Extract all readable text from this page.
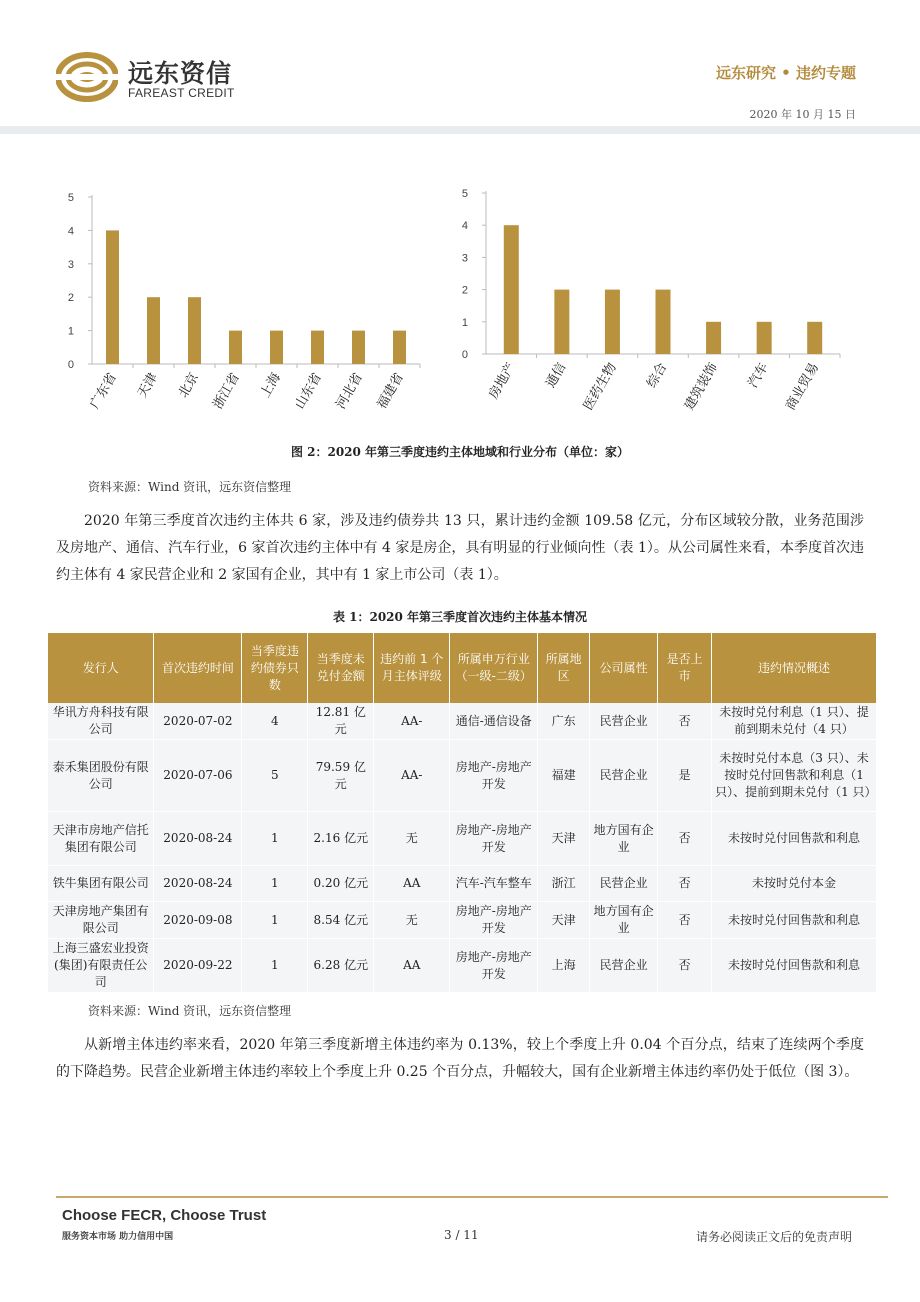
远东资信
FAREAST CREDIT
远东研究 • 违约专题
2020 年 10 月 15 日
0
1
2
3
4
5
广东省 天津 北京 浙江省 上海 山东省 河北省 福建省
0
1
2
3
4
5
房地产 通信 医药生物 综合 建筑装饰 汽车 商业贸易
图 2：2020 年第三季度违约主体地域和行业分布（单位：家）
资料来源：Wind 资讯，远东资信整理
2020 年第三季度首次违约主体共 6 家，涉及违约债券共 13 只，累计违约金额 109.58 亿元，分布区域较分散，业务范围涉及房地产、通信、汽车行业，6 家首次违约主体中有 4 家是房企，具有明显的行业倾向性（表 1）。从公司属性来看，本季度首次违约主体有 4 家民营企业和 2 家国有企业，其中有 1 家上市公司（表 1）。
表 1：2020 年第三季度首次违约主体基本情况
发行人	首次违约时间	当季度违约债券只数	当季度未兑付金额	违约前 1 个月主体评级	所属申万行业（一级-二级）	所属地区	公司属性	是否上市	违约情况概述
华讯方舟科技有限公司	2020-07-02	4	12.81 亿元	AA-	通信-通信设备	广东	民营企业	否	未按时兑付利息（1 只）、提前到期未兑付（4 只）
泰禾集团股份有限公司	2020-07-06	5	79.59 亿元	AA-	房地产-房地产开发	福建	民营企业	是	未按时兑付本息（3 只）、未按时兑付回售款和利息（1 只）、提前到期未兑付（1 只）
天津市房地产信托集团有限公司	2020-08-24	1	2.16 亿元	无	房地产-房地产开发	天津	地方国有企业	否	未按时兑付回售款和利息
铁牛集团有限公司	2020-08-24	1	0.20 亿元	AA	汽车-汽车整车	浙江	民营企业	否	未按时兑付本金
天津房地产集团有限公司	2020-09-08	1	8.54 亿元	无	房地产-房地产开发	天津	地方国有企业	否	未按时兑付回售款和利息
上海三盛宏业投资(集团)有限责任公司	2020-09-22	1	6.28 亿元	AA	房地产-房地产开发	上海	民营企业	否	未按时兑付回售款和利息
资料来源：Wind 资讯，远东资信整理
从新增主体违约率来看，2020 年第三季度新增主体违约率为 0.13%，较上个季度上升 0.04 个百分点，结束了连续两个季度的下降趋势。民营企业新增主体违约率较上个季度上升 0.25 个百分点，升幅较大，国有企业新增主体违约率仍处于低位（图 3）。
Choose FECR, Choose Trust
服务资本市场 助力信用中国	3 / 11	请务必阅读正文后的免责声明
